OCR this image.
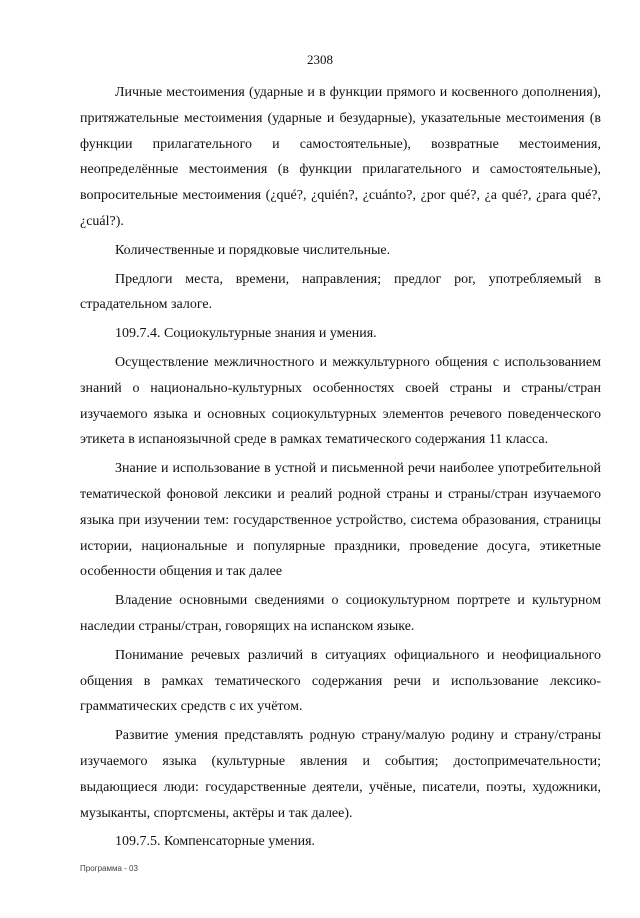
2308

Личные местоимения (ударные и в функции прямого и косвенного дополнения), притяжательные местоимения (ударные и безударные), указательные местоимения (в функции прилагательного и самостоятельные), возвратные местоимения, неопределённые местоимения (в функции прилагательного и самостоятельные), вопросительные местоимения (¿qué?, ¿quién?, ¿cuánto?, ¿por qué?, ¿a qué?, ¿para qué?, ¿cuál?).

Количественные и порядковые числительные.

Предлоги места, времени, направления; предлог por, употребляемый в страдательном залоге.

109.7.4. Социокультурные знания и умения.

Осуществление межличностного и межкультурного общения с использованием знаний о национально-культурных особенностях своей страны и страны/стран изучаемого языка и основных социокультурных элементов речевого поведенческого этикета в испаноязычной среде в рамках тематического содержания 11 класса.

Знание и использование в устной и письменной речи наиболее употребительной тематической фоновой лексики и реалий родной страны и страны/стран изучаемого языка при изучении тем: государственное устройство, система образования, страницы истории, национальные и популярные праздники, проведение досуга, этикетные особенности общения и так далее

Владение основными сведениями о социокультурном портрете и культурном наследии страны/стран, говорящих на испанском языке.

Понимание речевых различий в ситуациях официального и неофициального общения в рамках тематического содержания речи и использование лексико-грамматических средств с их учётом.

Развитие умения представлять родную страну/малую родину и страну/страны изучаемого языка (культурные явления и события; достопримечательности; выдающиеся люди: государственные деятели, учёные, писатели, поэты, художники, музыканты, спортсмены, актёры и так далее).

109.7.5. Компенсаторные умения.

Программа - 03
